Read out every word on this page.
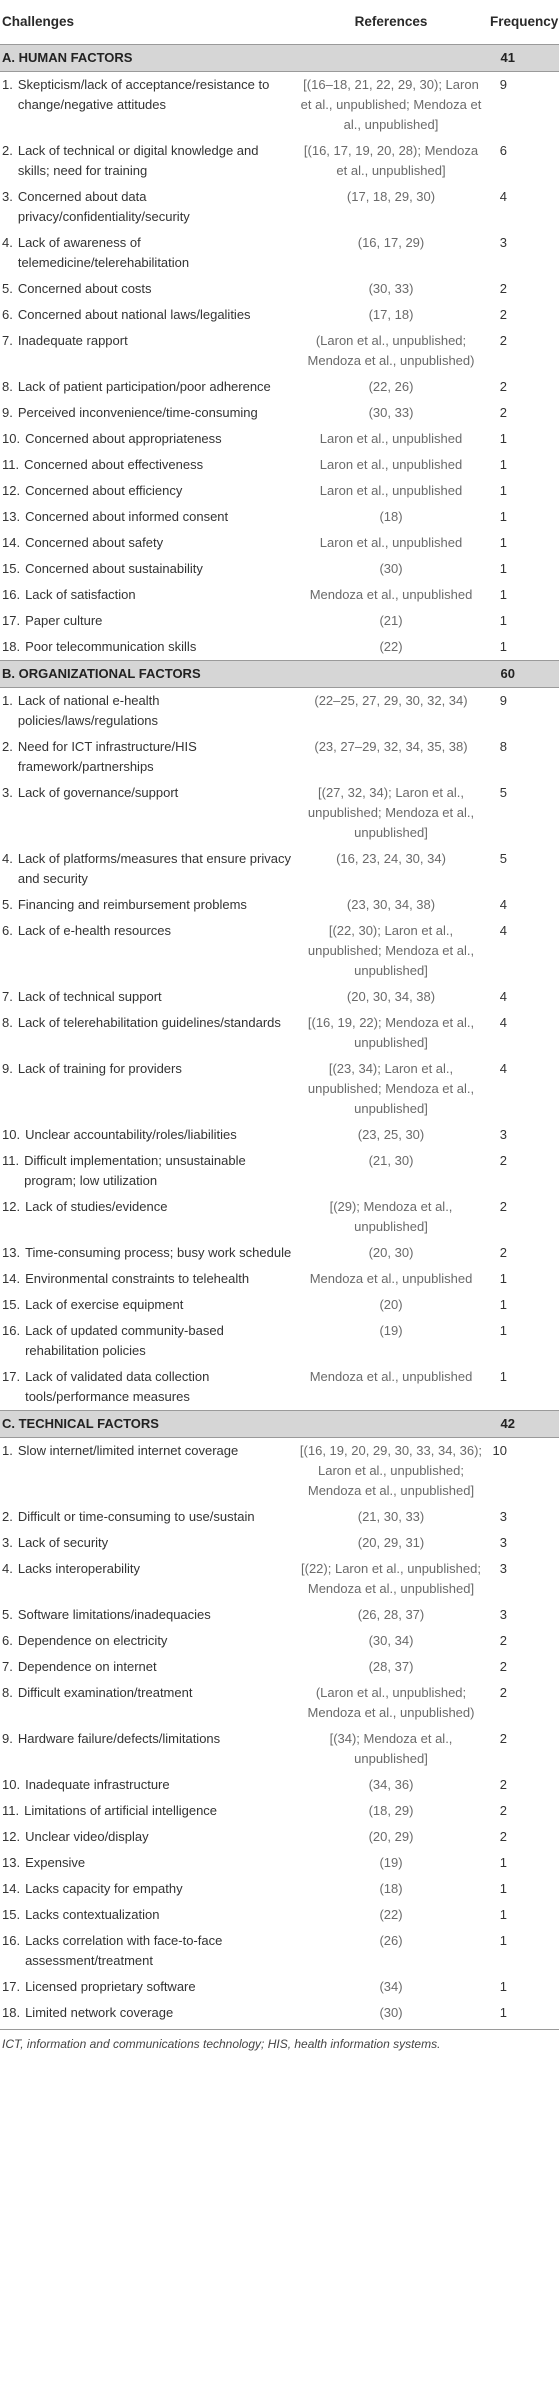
Challenges	References	Frequency
A. HUMAN FACTORS		41

1. Skepticism/lack of acceptance/resistance to change/negative attitudes	[(16–18, 21, 22, 29, 30); Laron et al., unpublished; Mendoza et al., unpublished]	9

2. Lack of technical or digital knowledge and skills; need for training	[(16, 17, 19, 20, 28); Mendoza et al., unpublished]	6

3. Concerned about data privacy/confidentiality/security	(17, 18, 29, 30)	4

4. Lack of awareness of telemedicine/telerehabilitation	(16, 17, 29)	3

5. Concerned about costs	(30, 33)	2

6. Concerned about national laws/legalities	(17, 18)	2

7. Inadequate rapport	(Laron et al., unpublished; Mendoza et al., unpublished)	2

8. Lack of patient participation/poor adherence	(22, 26)	2

9. Perceived inconvenience/time-consuming	(30, 33)	2

10. Concerned about appropriateness	Laron et al., unpublished	1

11. Concerned about effectiveness	Laron et al., unpublished	1

12. Concerned about efficiency	Laron et al., unpublished	1

13. Concerned about informed consent	(18)	1

14. Concerned about safety	Laron et al., unpublished	1

15. Concerned about sustainability	(30)	1

16. Lack of satisfaction	Mendoza et al., unpublished	1

17. Paper culture	(21)	1

18. Poor telecommunication skills	(22)	1
B. ORGANIZATIONAL FACTORS		60

1. Lack of national e-health policies/laws/regulations	(22–25, 27, 29, 30, 32, 34)	9

2. Need for ICT infrastructure/HIS framework/partnerships	(23, 27–29, 32, 34, 35, 38)	8

3. Lack of governance/support	[(27, 32, 34); Laron et al., unpublished; Mendoza et al., unpublished]	5

4. Lack of platforms/measures that ensure privacy and security	(16, 23, 24, 30, 34)	5

5. Financing and reimbursement problems	(23, 30, 34, 38)	4

6. Lack of e-health resources	[(22, 30); Laron et al., unpublished; Mendoza et al., unpublished]	4

7. Lack of technical support	(20, 30, 34, 38)	4

8. Lack of telerehabilitation guidelines/standards	[(16, 19, 22); Mendoza et al., unpublished]	4

9. Lack of training for providers	[(23, 34); Laron et al., unpublished; Mendoza et al., unpublished]	4

10. Unclear accountability/roles/liabilities	(23, 25, 30)	3

11. Difficult implementation; unsustainable program; low utilization	(21, 30)	2

12. Lack of studies/evidence	[(29); Mendoza et al., unpublished]	2

13. Time-consuming process; busy work schedule	(20, 30)	2

14. Environmental constraints to telehealth	Mendoza et al., unpublished	1

15. Lack of exercise equipment	(20)	1

16. Lack of updated community-based rehabilitation policies	(19)	1

17. Lack of validated data collection tools/performance measures	Mendoza et al., unpublished	1
C. TECHNICAL FACTORS		42

1. Slow internet/limited internet coverage	[(16, 19, 20, 29, 30, 33, 34, 36); Laron et al., unpublished; Mendoza et al., unpublished]	10

2. Difficult or time-consuming to use/sustain	(21, 30, 33)	3

3. Lack of security	(20, 29, 31)	3

4. Lacks interoperability	[(22); Laron et al., unpublished; Mendoza et al., unpublished]	3

5. Software limitations/inadequacies	(26, 28, 37)	3

6. Dependence on electricity	(30, 34)	2

7. Dependence on internet	(28, 37)	2

8. Difficult examination/treatment	(Laron et al., unpublished; Mendoza et al., unpublished)	2

9. Hardware failure/defects/limitations	[(34); Mendoza et al., unpublished]	2

10. Inadequate infrastructure	(34, 36)	2

11. Limitations of artificial intelligence	(18, 29)	2

12. Unclear video/display	(20, 29)	2

13. Expensive	(19)	1

14. Lacks capacity for empathy	(18)	1

15. Lacks contextualization	(22)	1

16. Lacks correlation with face-to-face assessment/treatment	(26)	1

17. Licensed proprietary software	(34)	1

18. Limited network coverage	(30)	1
ICT, information and communications technology; HIS, health information systems.
